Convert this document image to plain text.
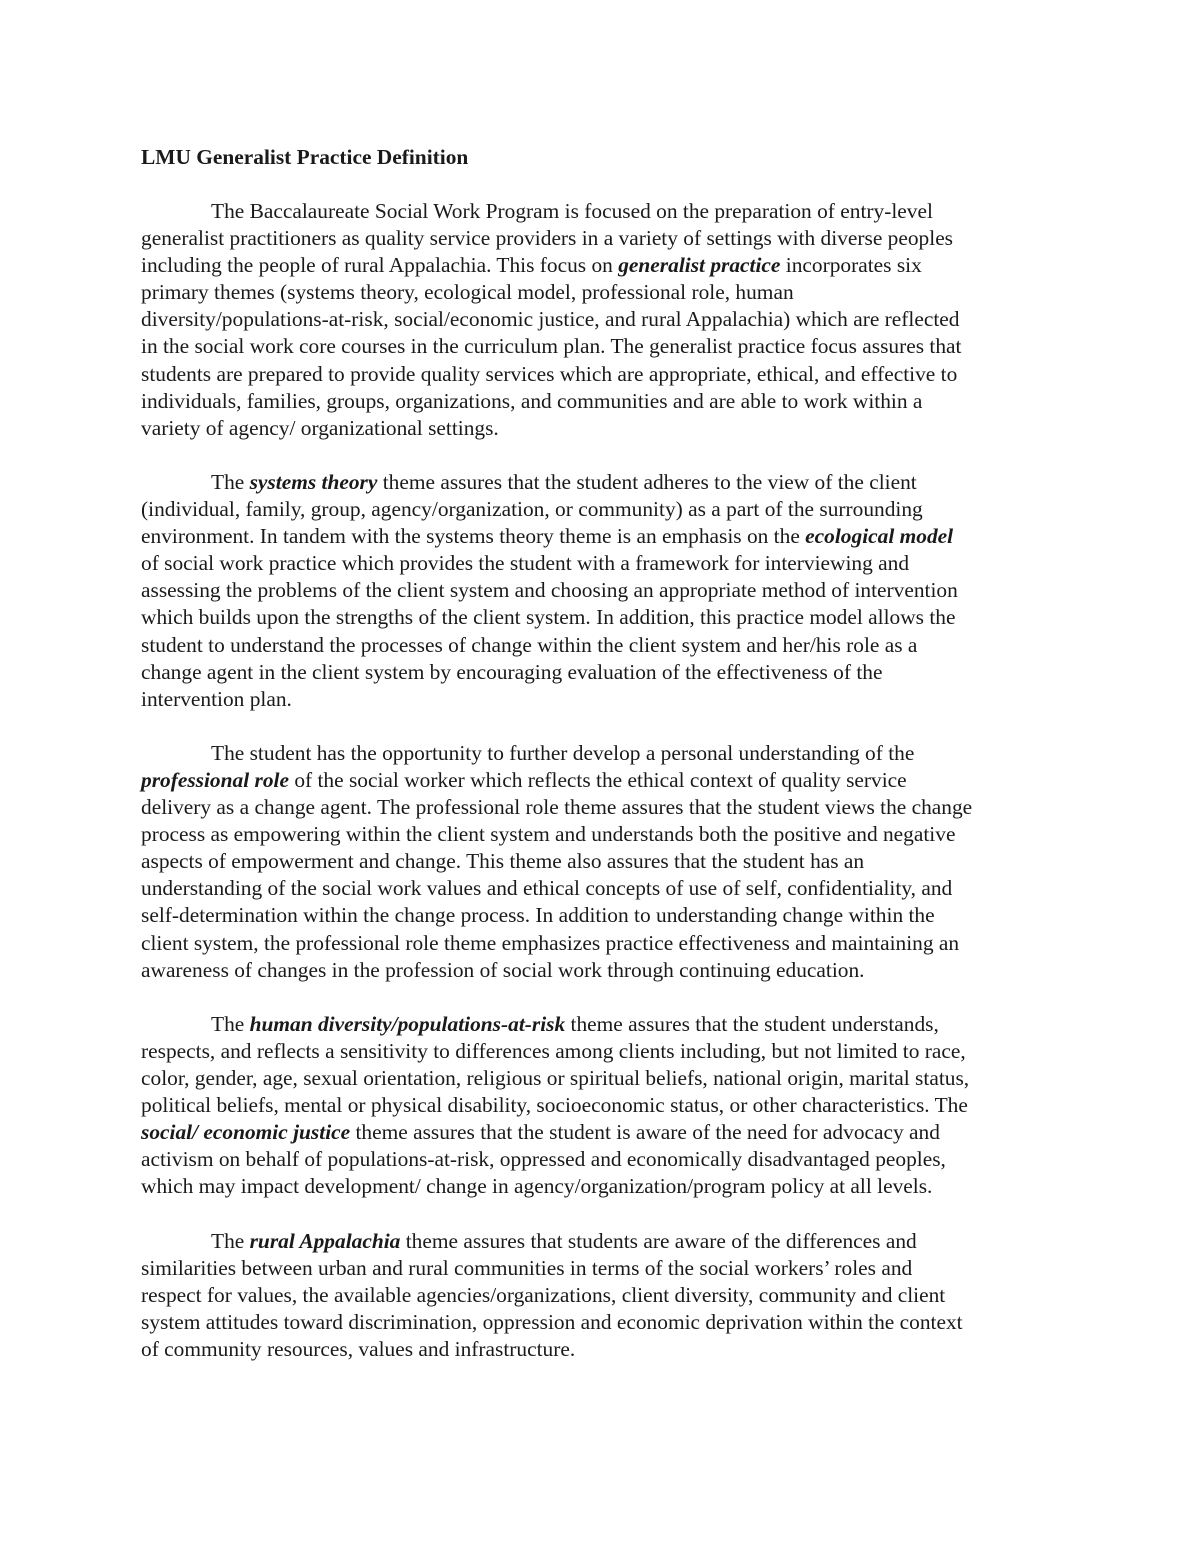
LMU Generalist Practice Definition
The Baccalaureate Social Work Program is focused on the preparation of entry-level
generalist practitioners as quality service providers in a variety of settings with diverse peoples
including the people of rural Appalachia. This focus on generalist practice incorporates six
primary themes (systems theory, ecological model, professional role, human
diversity/populations-at-risk, social/economic justice, and rural Appalachia) which are reflected
in the social work core courses in the curriculum plan. The generalist practice focus assures that
students are prepared to provide quality services which are appropriate, ethical, and effective to
individuals, families, groups, organizations, and communities and are able to work within a
variety of agency/ organizational settings.
The systems theory theme assures that the student adheres to the view of the client
(individual, family, group, agency/organization, or community) as a part of the surrounding
environment. In tandem with the systems theory theme is an emphasis on the ecological model
of social work practice which provides the student with a framework for interviewing and
assessing the problems of the client system and choosing an appropriate method of intervention
which builds upon the strengths of the client system. In addition, this practice model allows the
student to understand the processes of change within the client system and her/his role as a
change agent in the client system by encouraging evaluation of the effectiveness of the
intervention plan.
The student has the opportunity to further develop a personal understanding of the
professional role of the social worker which reflects the ethical context of quality service
delivery as a change agent. The professional role theme assures that the student views the change
process as empowering within the client system and understands both the positive and negative
aspects of empowerment and change. This theme also assures that the student has an
understanding of the social work values and ethical concepts of use of self, confidentiality, and
self-determination within the change process. In addition to understanding change within the
client system, the professional role theme emphasizes practice effectiveness and maintaining an
awareness of changes in the profession of social work through continuing education.
The human diversity/populations-at-risk theme assures that the student understands,
respects, and reflects a sensitivity to differences among clients including, but not limited to race,
color, gender, age, sexual orientation, religious or spiritual beliefs, national origin, marital status,
political beliefs, mental or physical disability, socioeconomic status, or other characteristics. The
social/ economic justice theme assures that the student is aware of the need for advocacy and
activism on behalf of populations-at-risk, oppressed and economically disadvantaged peoples,
which may impact development/ change in agency/organization/program policy at all levels.
The rural Appalachia theme assures that students are aware of the differences and
similarities between urban and rural communities in terms of the social workers’ roles and
respect for values, the available agencies/organizations, client diversity, community and client
system attitudes toward discrimination, oppression and economic deprivation within the context
of community resources, values and infrastructure.
